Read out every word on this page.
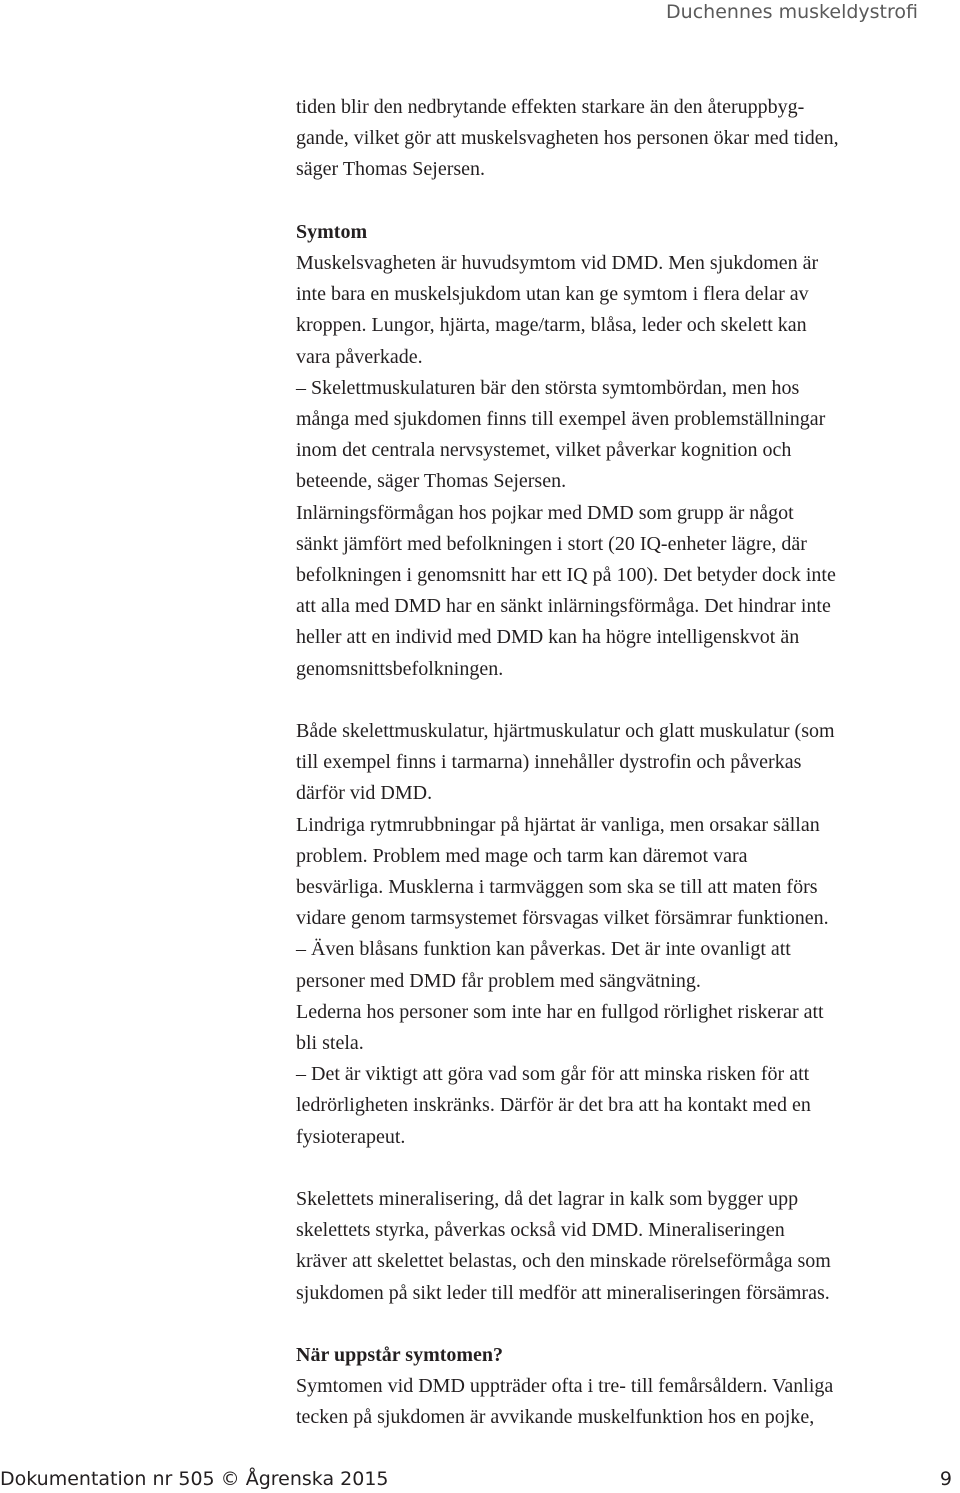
Duchennes muskeldystrofi

tiden blir den nedbrytande effekten starkare än den återuppbyg-
gande, vilket gör att muskelsvagheten hos personen ökar med tiden,
säger Thomas Sejersen.

Symtom

Muskelsvagheten är huvudsymtom vid DMD. Men sjukdomen är
inte bara en muskelsjukdom utan kan ge symtom i flera delar av
kroppen. Lungor, hjärta, mage/tarm, blåsa, leder och skelett kan
vara påverkade.

– Skelettmuskulaturen bär den största symtombördan, men hos
många med sjukdomen finns till exempel även problemställningar
inom det centrala nervsystemet, vilket påverkar kognition och
beteende, säger Thomas Sejersen.

Inlärningsförmågan hos pojkar med DMD som grupp är något
sänkt jämfört med befolkningen i stort (20 IQ-enheter lägre, där
befolkningen i genomsnitt har ett IQ på 100). Det betyder dock inte
att alla med DMD har en sänkt inlärningsförmåga. Det hindrar inte
heller att en individ med DMD kan ha högre intelligenskvot än
genomsnittsbefolkningen.

Både skelettmuskulatur, hjärtmuskulatur och glatt muskulatur (som
till exempel finns i tarmarna) innehåller dystrofin och påverkas
därför vid DMD.

Lindriga rytmrubbningar på hjärtat är vanliga, men orsakar sällan
problem. Problem med mage och tarm kan däremot vara
besvärliga. Musklerna i tarmväggen som ska se till att maten förs
vidare genom tarmsystemet försvagas vilket försämrar funktionen.

– Även blåsans funktion kan påverkas. Det är inte ovanligt att
personer med DMD får problem med sängvätning.

Lederna hos personer som inte har en fullgod rörlighet riskerar att
bli stela.

– Det är viktigt att göra vad som går för att minska risken för att
ledrörligheten inskränks. Därför är det bra att ha kontakt med en
fysioterapeut.

Skelettets mineralisering, då det lagrar in kalk som bygger upp
skelettets styrka, påverkas också vid DMD. Mineraliseringen
kräver att skelettet belastas, och den minskade rörelseförmåga som
sjukdomen på sikt leder till medför att mineraliseringen försämras.

När uppstår symtomen?

Symtomen vid DMD uppträder ofta i tre- till femårsåldern. Vanliga
tecken på sjukdomen är avvikande muskelfunktion hos en pojke,

Dokumentation nr 505 © Ågrenska 2015	9
